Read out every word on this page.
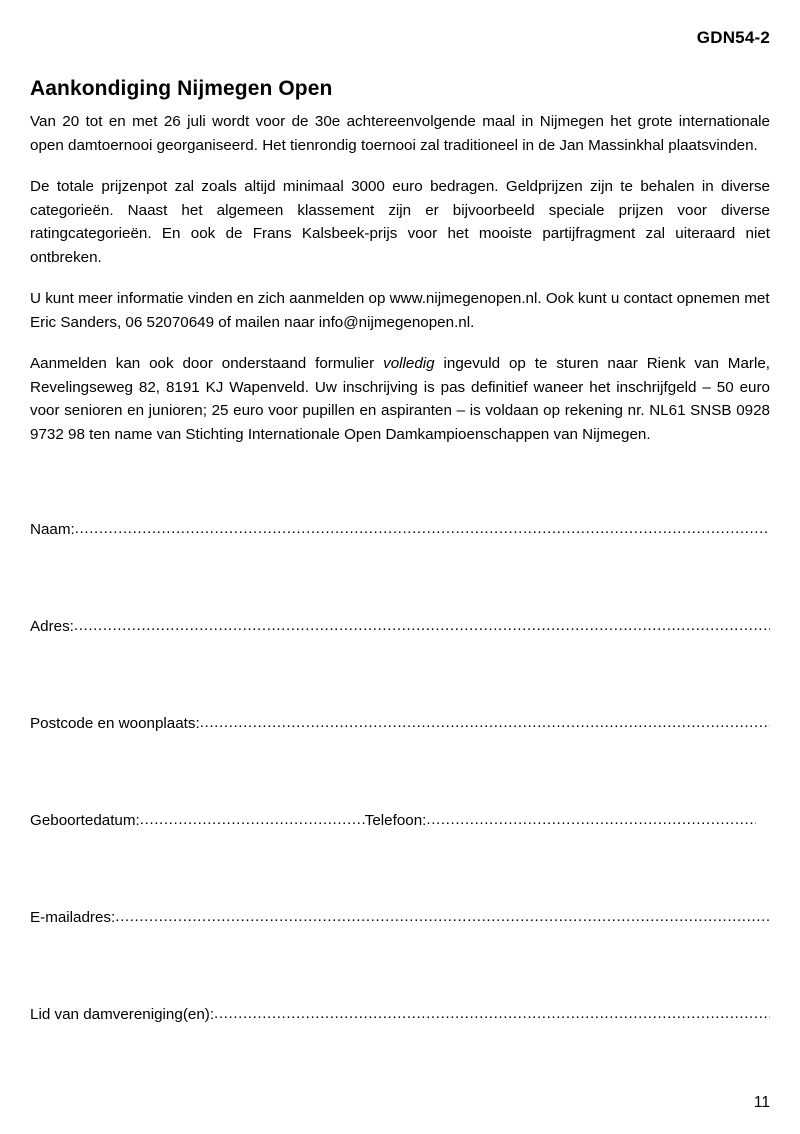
GDN54-2
Aankondiging Nijmegen Open

Van 20 tot en met 26 juli wordt voor de 30e achtereenvolgende maal in Nijmegen het grote internationale open damtoernooi georganiseerd. Het tienrondig toernooi zal traditioneel in de Jan Massinkhal plaatsvinden.

De totale prijzenpot zal zoals altijd minimaal 3000 euro bedragen. Geldprijzen zijn te behalen in diverse categorieën. Naast het algemeen klassement zijn er bijvoorbeeld speciale prijzen voor diverse ratingcategorieën. En ook de Frans Kalsbeek-prijs voor het mooiste partijfragment zal uiteraard niet ontbreken.

U kunt meer informatie vinden en zich aanmelden op www.nijmegenopen.nl. Ook kunt u contact opnemen met Eric Sanders, 06 52070649 of mailen naar info@nijmegenopen.nl.

Aanmelden kan ook door onderstaand formulier volledig ingevuld op te sturen naar Rienk van Marle, Revelingseweg 82, 8191 KJ Wapenveld. Uw inschrijving is pas definitief waneer het inschrijfgeld – 50 euro voor senioren en junioren; 25 euro voor pupillen en aspiranten – is voldaan op rekening nr. NL61 SNSB 0928 9732 98 ten name van Stichting Internationale Open Damkampioenschappen van Nijmegen.

Naam:
.....
Adres:
.....
Postcode en woonplaats:
.....
Geboortedatum: .....	Telefoon:
.....
E-mailadres:
.....
Lid van damvereniging(en):
.....
11
